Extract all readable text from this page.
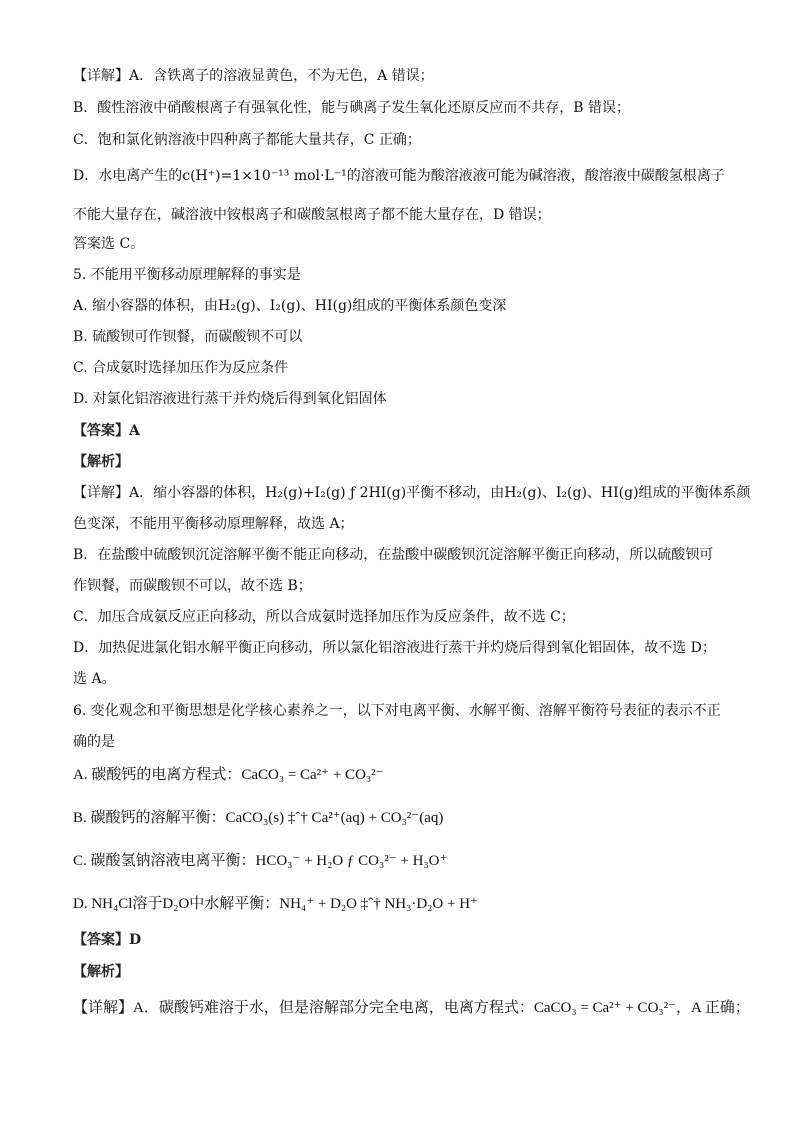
【详解】A．含铁离子的溶液显黄色，不为无色，A 错误；
B．酸性溶液中硝酸根离子有强氧化性，能与碘离子发生氧化还原反应而不共存，B 错误；
C．饱和氯化钠溶液中四种离子都能大量共存，C 正确；
D．水电离产生的c(H⁺)=1×10⁻¹³ mol·L⁻¹的溶液可能为酸溶液液可能为碱溶液，酸溶液中碳酸氢根离子
不能大量存在，碱溶液中铵根离子和碳酸氢根离子都不能大量存在，D 错误；
答案选 C。
5. 不能用平衡移动原理解释的事实是
A. 缩小容器的体积，由H₂(g)、I₂(g)、HI(g)组成的平衡体系颜色变深
B. 硫酸钡可作钡餐，而碳酸钡不可以
C. 合成氨时选择加压作为反应条件
D. 对氯化铝溶液进行蒸干并灼烧后得到氧化铝固体
【答案】A
【解析】
【详解】A．缩小容器的体积，H₂(g)+I₂(g) ƒ 2HI(g)平衡不移动，由H₂(g)、I₂(g)、HI(g)组成的平衡体系颜
色变深，不能用平衡移动原理解释，故选 A；
B．在盐酸中硫酸钡沉淀溶解平衡不能正向移动，在盐酸中碳酸钡沉淀溶解平衡正向移动，所以硫酸钡可
作钡餐，而碳酸钡不可以，故不选 B；
C．加压合成氨反应正向移动，所以合成氨时选择加压作为反应条件，故不选 C；
D．加热促进氯化铝水解平衡正向移动，所以氯化铝溶液进行蒸干并灼烧后得到氧化铝固体，故不选 D；
选 A。
6. 变化观念和平衡思想是化学核心素养之一，以下对电离平衡、水解平衡、溶解平衡符号表征的表示不正
确的是
A. 碳酸钙的电离方程式：CaCO₃ = Ca²⁺ + CO₃²⁻
B. 碳酸钙的溶解平衡：CaCO₃(s) ‡ˆ† Ca²⁺(aq) + CO₃²⁻(aq)
C. 碳酸氢钠溶液电离平衡：HCO₃⁻ + H₂O ƒ CO₃²⁻ + H₃O⁺
D. NH₄Cl溶于D₂O中水解平衡：NH₄⁺ + D₂O ‡ˆ† NH₃·D₂O + H⁺
【答案】D
【解析】
【详解】A．碳酸钙难溶于水，但是溶解部分完全电离，电离方程式：CaCO₃ = Ca²⁺ + CO₃²⁻，A 正确；
